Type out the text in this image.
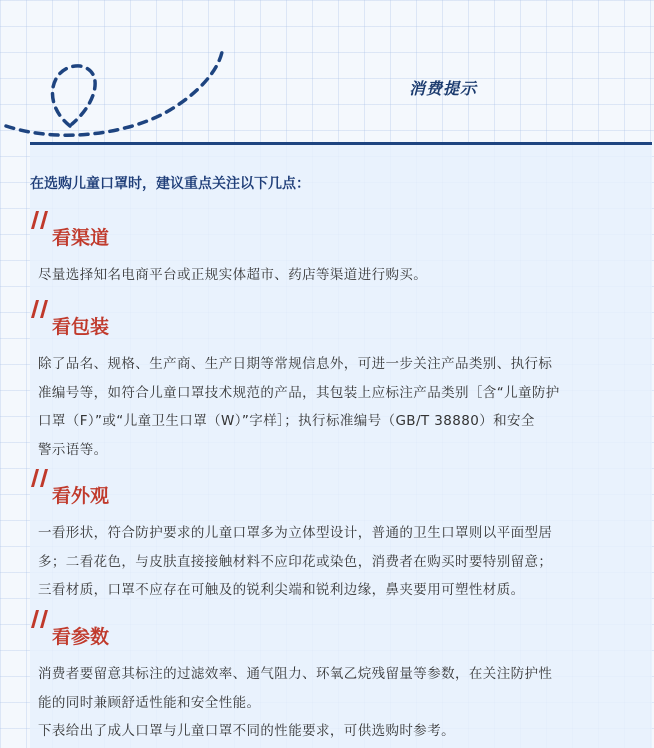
消费提示
在选购儿童口罩时，建议重点关注以下几点：
看渠道
尽量选择知名电商平台或正规实体超市、药店等渠道进行购买。
看包装
除了品名、规格、生产商、生产日期等常规信息外，可进一步关注产品类别、执行标
准编号等，如符合儿童口罩技术规范的产品，其包装上应标注产品类别［含“儿童防护
口罩（F）”或“儿童卫生口罩（W）”字样］；执行标准编号（GB/T 38880）和安全
警示语等。
看外观
一看形状，符合防护要求的儿童口罩多为立体型设计，普通的卫生口罩则以平面型居
多；二看花色，与皮肤直接接触材料不应印花或染色，消费者在购买时要特别留意；
三看材质，口罩不应存在可触及的锐利尖端和锐利边缘，鼻夹要用可塑性材质。
看参数
消费者要留意其标注的过滤效率、通气阻力、环氧乙烷残留量等参数，在关注防护性
能的同时兼顾舒适性能和安全性能。
下表给出了成人口罩与儿童口罩不同的性能要求，可供选购时参考。
